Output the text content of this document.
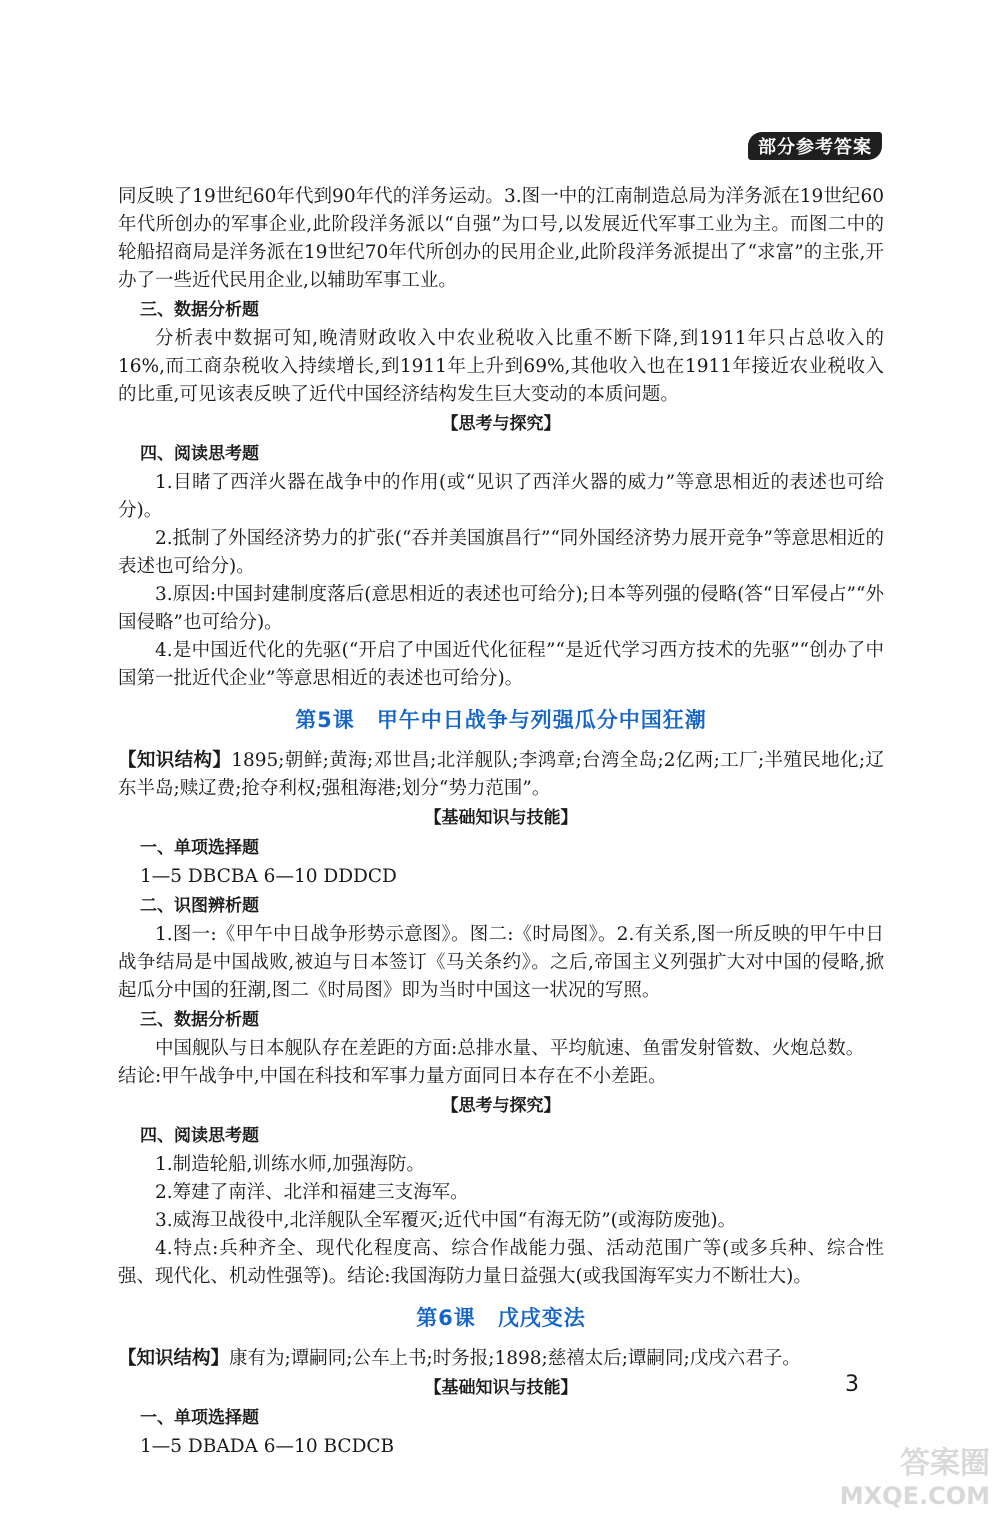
部分参考答案

同反映了19世纪60年代到90年代的洋务运动。3.图一中的江南制造总局为洋务派在19世纪60年代所创办的军事企业,此阶段洋务派以“自强”为口号,以发展近代军事工业为主。而图二中的轮船招商局是洋务派在19世纪70年代所创办的民用企业,此阶段洋务派提出了“求富”的主张,开办了一些近代民用企业,以辅助军事工业。

三、数据分析题

分析表中数据可知,晚清财政收入中农业税收入比重不断下降,到1911年只占总收入的16%,而工商杂税收入持续增长,到1911年上升到69%,其他收入也在1911年接近农业税收入的比重,可见该表反映了近代中国经济结构发生巨大变动的本质问题。

【思考与探究】

四、阅读思考题

1.目睹了西洋火器在战争中的作用(或“见识了西洋火器的威力”等意思相近的表述也可给分)。

2.抵制了外国经济势力的扩张(“吞并美国旗昌行”“同外国经济势力展开竞争”等意思相近的表述也可给分)。

3.原因:中国封建制度落后(意思相近的表述也可给分);日本等列强的侵略(答“日军侵占”“外国侵略”也可给分)。

4.是中国近代化的先驱(“开启了中国近代化征程”“是近代学习西方技术的先驱”“创办了中国第一批近代企业”等意思相近的表述也可给分)。

第5课 甲午中日战争与列强瓜分中国狂潮

【知识结构】1895;朝鲜;黄海;邓世昌;北洋舰队;李鸿章;台湾全岛;2亿两;工厂;半殖民地化;辽东半岛;赎辽费;抢夺利权;强租海港;划分“势力范围”。

【基础知识与技能】

一、单项选择题

1—5 DBCBA 6—10 DDDCD

二、识图辨析题

1.图一:《甲午中日战争形势示意图》。图二:《时局图》。2.有关系,图一所反映的甲午中日战争结局是中国战败,被迫与日本签订《马关条约》。之后,帝国主义列强扩大对中国的侵略,掀起瓜分中国的狂潮,图二《时局图》即为当时中国这一状况的写照。

三、数据分析题

中国舰队与日本舰队存在差距的方面:总排水量、平均航速、鱼雷发射管数、火炮总数。

结论:甲午战争中,中国在科技和军事力量方面同日本存在不小差距。

【思考与探究】

四、阅读思考题

1.制造轮船,训练水师,加强海防。

2.筹建了南洋、北洋和福建三支海军。

3.威海卫战役中,北洋舰队全军覆灭;近代中国“有海无防”(或海防废弛)。

4.特点:兵种齐全、现代化程度高、综合作战能力强、活动范围广等(或多兵种、综合性强、现代化、机动性强等)。结论:我国海防力量日益强大(或我国海军实力不断壮大)。

第6课 戊戌变法

【知识结构】康有为;谭嗣同;公车上书;时务报;1898;慈禧太后;谭嗣同;戊戌六君子。

【基础知识与技能】

一、单项选择题

1—5 DBADA 6—10 BCDCB

3
答案圈
MXQE.COM
